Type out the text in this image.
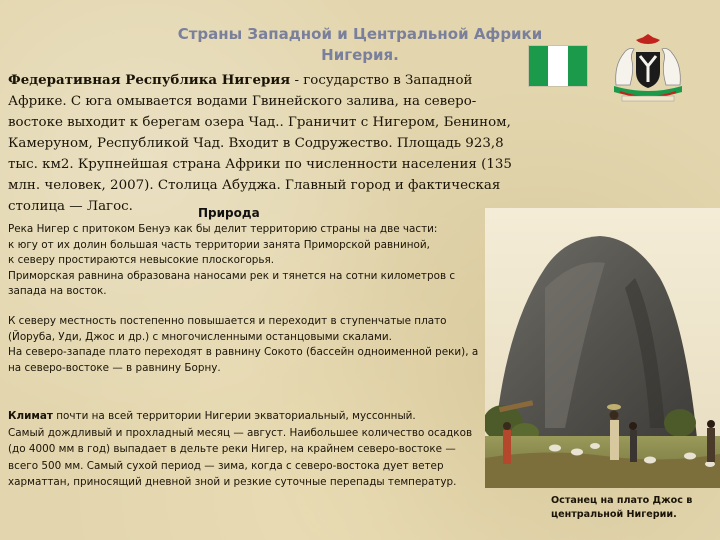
Страны Западной и Центральной Африки
Нигерия.

Федеративная Республика Нигерия - государство в Западной Африке. С юга омывается водами Гвинейского залива, на северо-востоке выходит к берегам озера Чад.. Граничит с Нигером, Бенином, Камеруном, Республикой Чад. Входит в Содружество. Площадь 923,8 тыс. км2. Крупнейшая страна Африки по численности населения (135 млн. человек, 2007). Столица Абуджа. Главный город и фактическая столица — Лагос.	Природа

Река Нигер с притоком Бенуэ как бы делит территорию страны на две части:

к югу от их долин большая часть территории занята Приморской равниной,

к северу простираются невысокие плоскогорья.

Приморская равнина образована наносами рек и тянется на сотни километров с запада на восток.

К северу местность постепенно повышается и переходит в ступенчатые плато (Йоруба, Уди, Джос и др.) с многочисленными останцовыми скалами.

На северо-западе плато переходят в равнину Сокото (бассейн одноименной реки), а на северо-востоке — в равнину Борну.

Климат почти на всей территории Нигерии экваториальный, муссонный.

Самый дождливый и прохладный месяц — август. Наибольшее количество осадков (до 4000 мм в год) выпадает в дельте реки Нигер, на крайнем северо-востоке — всего 500 мм. Самый сухой период — зима, когда с северо-востока дует ветер харматтан, приносящий дневной зной и резкие суточные перепады температур.

Останец на плато Джос в центральной Нигерии.
